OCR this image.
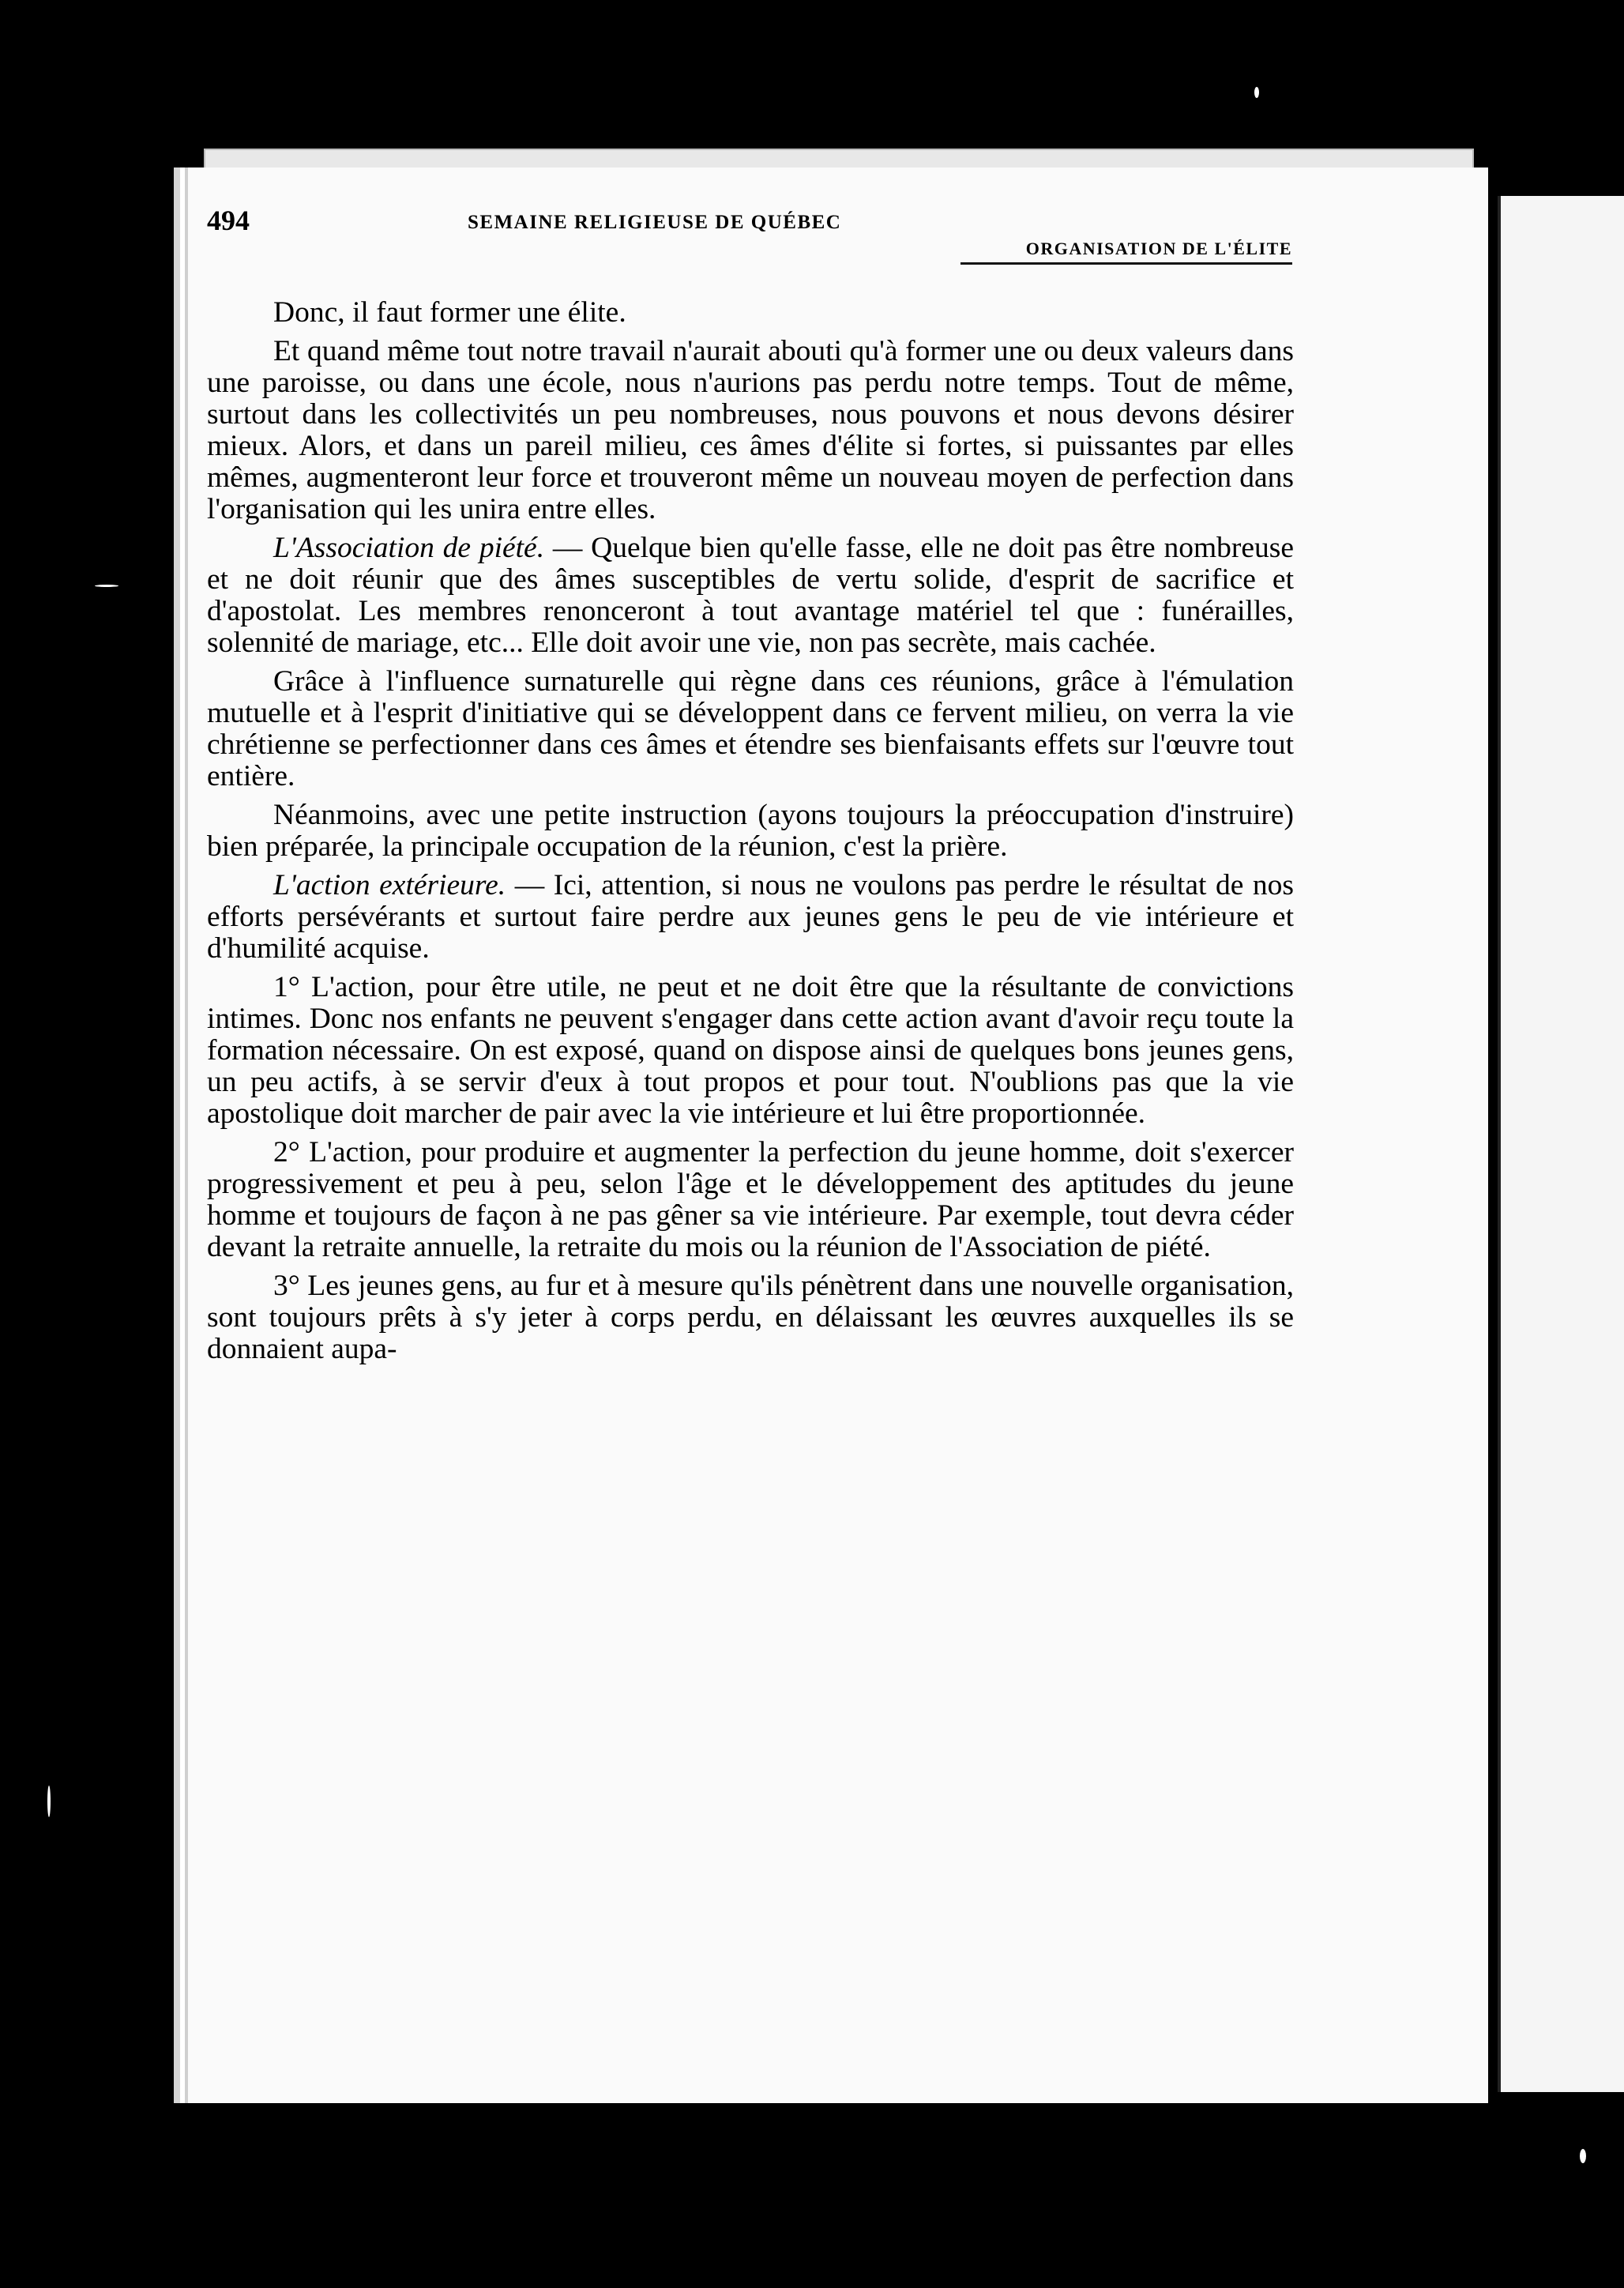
494	SEMAINE RELIGIEUSE DE QUÉBEC
ORGANISATION DE L'ÉLITE

Donc, il faut former une élite.

Et quand même tout notre travail n'aurait abouti qu'à former une ou deux valeurs dans une paroisse, ou dans une école, nous n'aurions pas perdu notre temps. Tout de même, surtout dans les collectivités un peu nombreuses, nous pouvons et nous devons désirer mieux. Alors, et dans un pareil milieu, ces âmes d'élite si fortes, si puissantes par elles mêmes, augmenteront leur force et trouveront même un nouveau moyen de perfection dans l'organisation qui les unira entre elles.

L'Association de piété. — Quelque bien qu'elle fasse, elle ne doit pas être nombreuse et ne doit réunir que des âmes susceptibles de vertu solide, d'esprit de sacrifice et d'apostolat. Les membres renonceront à tout avantage matériel tel que : funérailles, solennité de mariage, etc... Elle doit avoir une vie, non pas secrète, mais cachée.

Grâce à l'influence surnaturelle qui règne dans ces réunions, grâce à l'émulation mutuelle et à l'esprit d'initiative qui se développent dans ce fervent milieu, on verra la vie chrétienne se perfectionner dans ces âmes et étendre ses bienfaisants effets sur l'œuvre tout entière.

Néanmoins, avec une petite instruction (ayons toujours la préoccupation d'instruire) bien préparée, la principale occupation de la réunion, c'est la prière.

L'action extérieure. — Ici, attention, si nous ne voulons pas perdre le résultat de nos efforts persévérants et surtout faire perdre aux jeunes gens le peu de vie intérieure et d'humilité acquise.

1° L'action, pour être utile, ne peut et ne doit être que la résultante de convictions intimes. Donc nos enfants ne peuvent s'engager dans cette action avant d'avoir reçu toute la formation nécessaire. On est exposé, quand on dispose ainsi de quelques bons jeunes gens, un peu actifs, à se servir d'eux à tout propos et pour tout. N'oublions pas que la vie apostolique doit marcher de pair avec la vie intérieure et lui être proportionnée.

2° L'action, pour produire et augmenter la perfection du jeune homme, doit s'exercer progressivement et peu à peu, selon l'âge et le développement des aptitudes du jeune homme et toujours de façon à ne pas gêner sa vie intérieure. Par exemple, tout devra céder devant la retraite annuelle, la retraite du mois ou la réunion de l'Association de piété.

3° Les jeunes gens, au fur et à mesure qu'ils pénètrent dans une nouvelle organisation, sont toujours prêts à s'y jeter à corps perdu, en délaissant les œuvres auxquelles ils se donnaient aupa-
